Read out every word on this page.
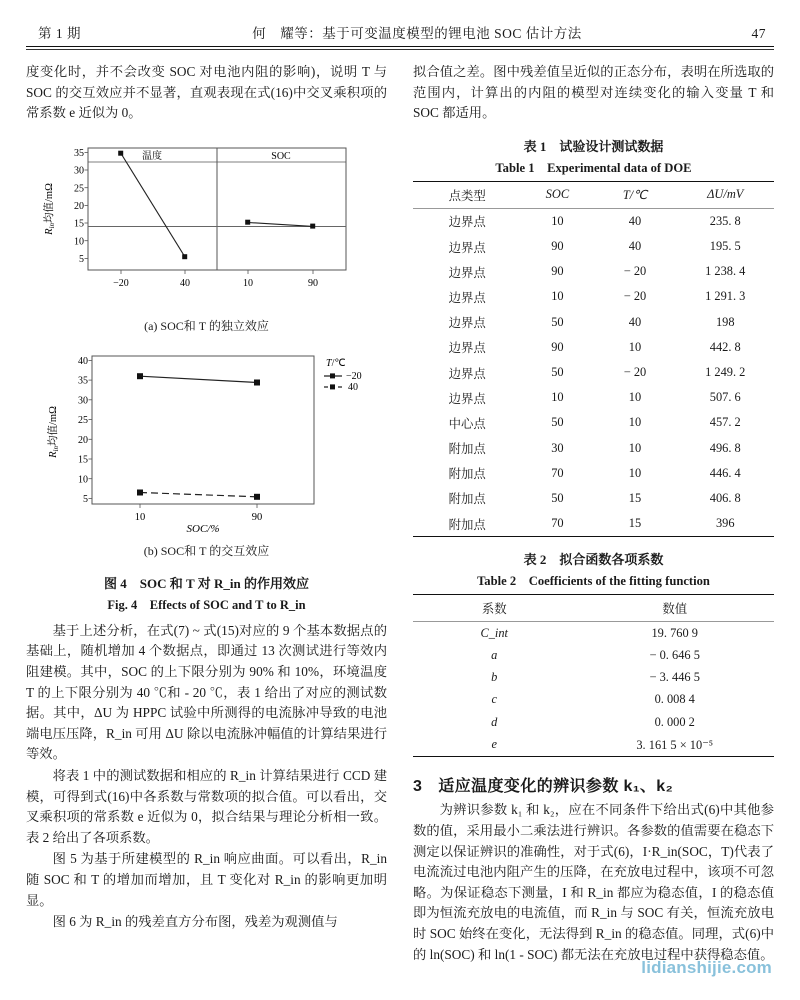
第 1 期	何　耀等：基于可变温度模型的锂电池 SOC 估计方法	47

度变化时，并不会改变 SOC 对电池内阻的影响)，说明 T 与 SOC 的交互效应并不显著，直观表现在式(16)中交叉乘积项的常系数 e 近似为 0。

温度	SOC
35
30
25
20
15
10
5
Rin均值/mΩ
−20	40	10	90
(a) SOC和 T 的独立效应
40
35
30
25
20
15
10
5
Rin均值/mΩ
10	90
SOC/%
T/℃
−20
40
(b) SOC和 T 的交互效应
图 4　SOC 和 T 对 R_in 的作用效应
Fig. 4　Effects of SOC and T to R_in

基于上述分析，在式(7) ~ 式(15)对应的 9 个基本数据点的基础上，随机增加 4 个数据点，即通过 13 次测试进行等效内阻建模。其中，SOC 的上下限分别为 90% 和 10%，环境温度 T 的上下限分别为 40 ℃和 - 20 ℃，表 1 给出了对应的测试数据。其中，ΔU 为 HPPC 试验中所测得的电流脉冲导致的电池端电压压降，R_in 可用 ΔU 除以电流脉冲幅值的计算结果进行等效。

将表 1 中的测试数据和相应的 R_in 计算结果进行 CCD 建模，可得到式(16)中各系数与常数项的拟合值。可以看出，交叉乘积项的常系数 e 近似为 0，拟合结果与理论分析相一致。表 2 给出了各项系数。

图 5 为基于所建模型的 R_in 响应曲面。可以看出，R_in 随 SOC 和 T 的增加而增加，且 T 变化对 R_in 的影响更加明显。

图 6 为 R_in 的残差直方分布图，残差为观测值与

拟合值之差。图中残差值呈近似的正态分布，表明在所选取的范围内，计算出的内阻的模型对连续变化的输入变量 T 和 SOC 都适用。

表 1　试验设计测试数据
Table 1　Experimental data of DOE
点类型	SOC	T/℃	ΔU/mV
边界点	10	40	235. 8
边界点	90	40	195. 5
边界点	90	− 20	1 238. 4
边界点	10	− 20	1 291. 3
边界点	50	40	198
边界点	90	10	442. 8
边界点	50	− 20	1 249. 2
边界点	10	10	507. 6
中心点	50	10	457. 2
附加点	30	10	496. 8
附加点	70	10	446. 4
附加点	50	15	406. 8
附加点	70	15	396
表 2　拟合函数各项系数
Table 2　Coefficients of the fitting function
系数	数值
C_int	19. 760 9
a	− 0. 646 5
b	− 3. 446 5
c	0. 008 4
d	0. 000 2
e	3. 161 5 × 10⁻⁵
3 适应温度变化的辨识参数 k₁、k₂

为辨识参数 k₁ 和 k₂，应在不同条件下给出式(6)中其他参数的值，采用最小二乘法进行辨识。各参数的值需要在稳态下测定以保证辨识的准确性，对于式(6)，I·R_in(SOC，T)代表了电流流过电池内阻产生的压降，在充放电过程中，该项不可忽略。为保证稳态下测量，I 和 R_in 都应为稳态值，I 的稳态值即为恒流充放电的电流值，而 R_in 与 SOC 有关，恒流充放电时 SOC 始终在变化，无法得到 R_in 的稳态值。同理，式(6)中的 ln(SOC) 和 ln(1 - SOC) 都无法在充放电过程中获得稳态值。

lidianshijie.com
